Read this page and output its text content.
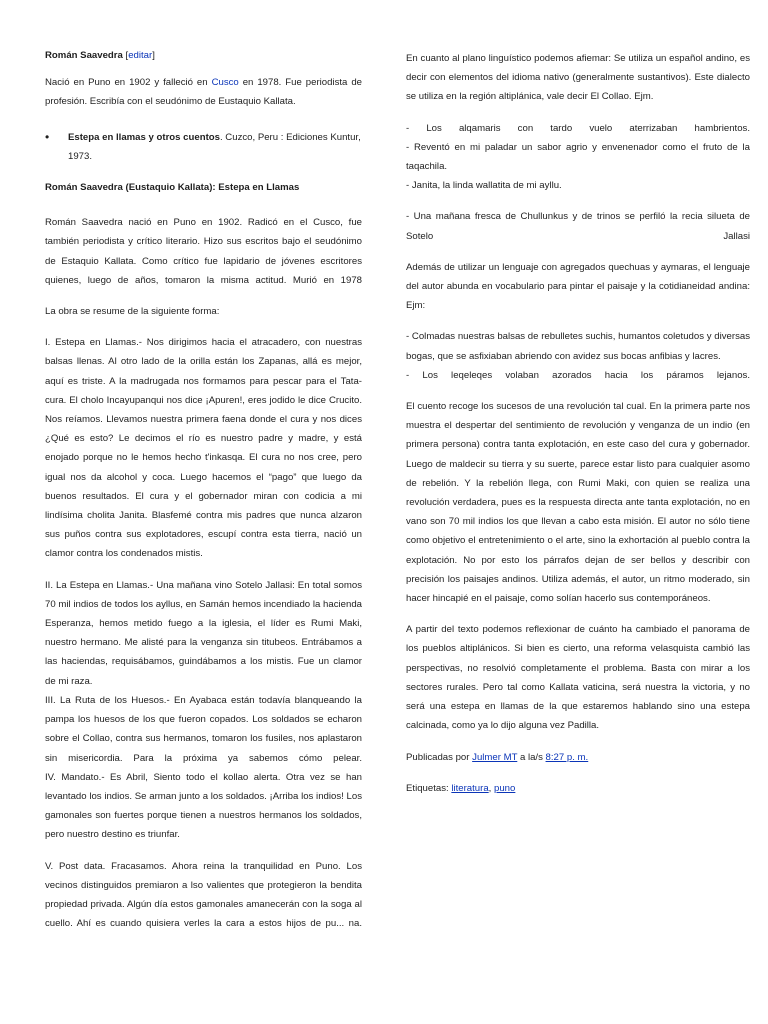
Román Saavedra [editar]

Nació en Puno en 1902 y falleció en Cusco en 1978. Fue periodista de profesión. Escribía con el seudónimo de Eustaquio Kallata.

• Estepa en llamas y otros cuentos. Cuzco, Peru : Ediciones Kuntur, 1973.

Román Saavedra (Eustaquio Kallata): Estepa en Llamas

Román Saavedra nació en Puno en 1902. Radicó en el Cusco, fue también periodista y crítico literario. Hizo sus escritos bajo el seudónimo de Estaquio Kallata. Como crítico fue lapidario de jóvenes escritores quienes, luego de años, tomaron la misma actitud. Murió en 1978

La obra se resume de la siguiente forma:

I. Estepa en Llamas.- Nos dirigimos hacia el atracadero, con nuestras balsas llenas. Al otro lado de la orilla están los Zapanas, allá es mejor, aquí es triste. A la madrugada nos formamos para pescar para el Tata-cura. El cholo Incayupanqui nos dice ¡Apuren!, eres jodido le dice Crucito. Nos reíamos. Llevamos nuestra primera faena donde el cura y nos dices ¿Qué es esto? Le decimos el río es nuestro padre y madre, y está enojado porque no le hemos hecho t'inkasqa. El cura no nos cree, pero igual nos da alcohol y coca. Luego hacemos el “pago” que luego da buenos resultados. El cura y el gobernador miran con codicia a mi lindísima cholita Janita. Blasfemé contra mis padres que nunca alzaron sus puños contra sus explotadores, escupí contra esta tierra, nació un clamor contra los condenados mistis.

II. La Estepa en Llamas.- Una mañana vino Sotelo Jallasi: En total somos 70 mil indios de todos los ayllus, en Samán hemos incendiado la hacienda Esperanza, hemos metido fuego a la iglesia, el líder es Rumi Maki, nuestro hermano. Me alisté para la venganza sin titubeos. Entrábamos a las haciendas, requisábamos, guindábamos a los mistis. Fue un clamor de mi raza.

III. La Ruta de los Huesos.- En Ayabaca están todavía blanqueando la pampa los huesos de los que fueron copados. Los soldados se echaron sobre el Collao, contra sus hermanos, tomaron los fusiles, nos aplastaron sin misericordia. Para la próxima ya sabemos cómo pelear.

IV. Mandato.- Es Abril, Siento todo el kollao alerta. Otra vez se han levantado los indios. Se arman junto a los soldados. ¡Arriba los indios! Los gamonales son fuertes porque tienen a nuestros hermanos los soldados, pero nuestro destino es triunfar.

V. Post data. Fracasamos. Ahora reina la tranquilidad en Puno. Los vecinos distinguidos premiaron a lso valientes que protegieron la bendita propiedad privada. Algún día estos gamonales amanecerán con la soga al cuello. Ahí es cuando quisiera verles la cara a estos hijos de pu... na.

En cuanto al plano linguístico podemos afiemar: Se utiliza un español andino, es decir con elementos del idioma nativo (generalmente sustantivos). Este dialecto se utiliza en la región altiplánica, vale decir El Collao. Ejm.

- Los alqamaris con tardo vuelo aterrizaban hambrientos.
- Reventó en mi paladar un sabor agrio y envenenador como el fruto de la taqachila.
- Janita, la linda wallatita de mi ayllu.

- Una mañana fresca de Chullunkus y de trinos se perfiló la recia silueta de Sotelo Jallasi

Además de utilizar un lenguaje con agregados quechuas y aymaras, el lenguaje del autor abunda en vocabulario para pintar el paisaje y la cotidianeidad andina: Ejm:

- Colmadas nuestras balsas de rebulletes suchis, humantos coletudos y diversas bogas, que se asfixiaban abriendo con avidez sus bocas anfibias y lacres.
- Los leqeleqes volaban azorados hacia los páramos lejanos.

El cuento recoge los sucesos de una revolución tal cual. En la primera parte nos muestra el despertar del sentimiento de revolución y venganza de un indio (en primera persona) contra tanta explotación, en este caso del cura y gobernador. Luego de maldecir su tierra y su suerte, parece estar listo para cualquier asomo de rebelión. Y la rebelión llega, con Rumi Maki, con quien se realiza una revolución verdadera, pues es la respuesta directa ante tanta explotación, no en vano son 70 mil indios los que llevan a cabo esta misión. El autor no sólo tiene como objetivo el entretenimiento o el arte, sino la exhortación al pueblo contra la explotación. No por esto los párrafos dejan de ser bellos y describir con precisión los paisajes andinos. Utiliza además, el autor, un ritmo moderado, sin hacer hincapié en el paisaje, como solían hacerlo sus contemporáneos.

A partir del texto podemos reflexionar de cuánto ha cambiado el panorama de los pueblos altiplánicos. Si bien es cierto, una reforma velasquista cambió las perspectivas, no resolvió completamente el problema. Basta con mirar a los sectores rurales. Pero tal como Kallata vaticina, será nuestra la victoria, y no será una estepa en llamas de la que estaremos hablando sino una estepa calcinada, como ya lo dijo alguna vez Padilla.

Publicadas por Julmer MT a la/s 8:27 p. m.

Etiquetas: literatura, puno
